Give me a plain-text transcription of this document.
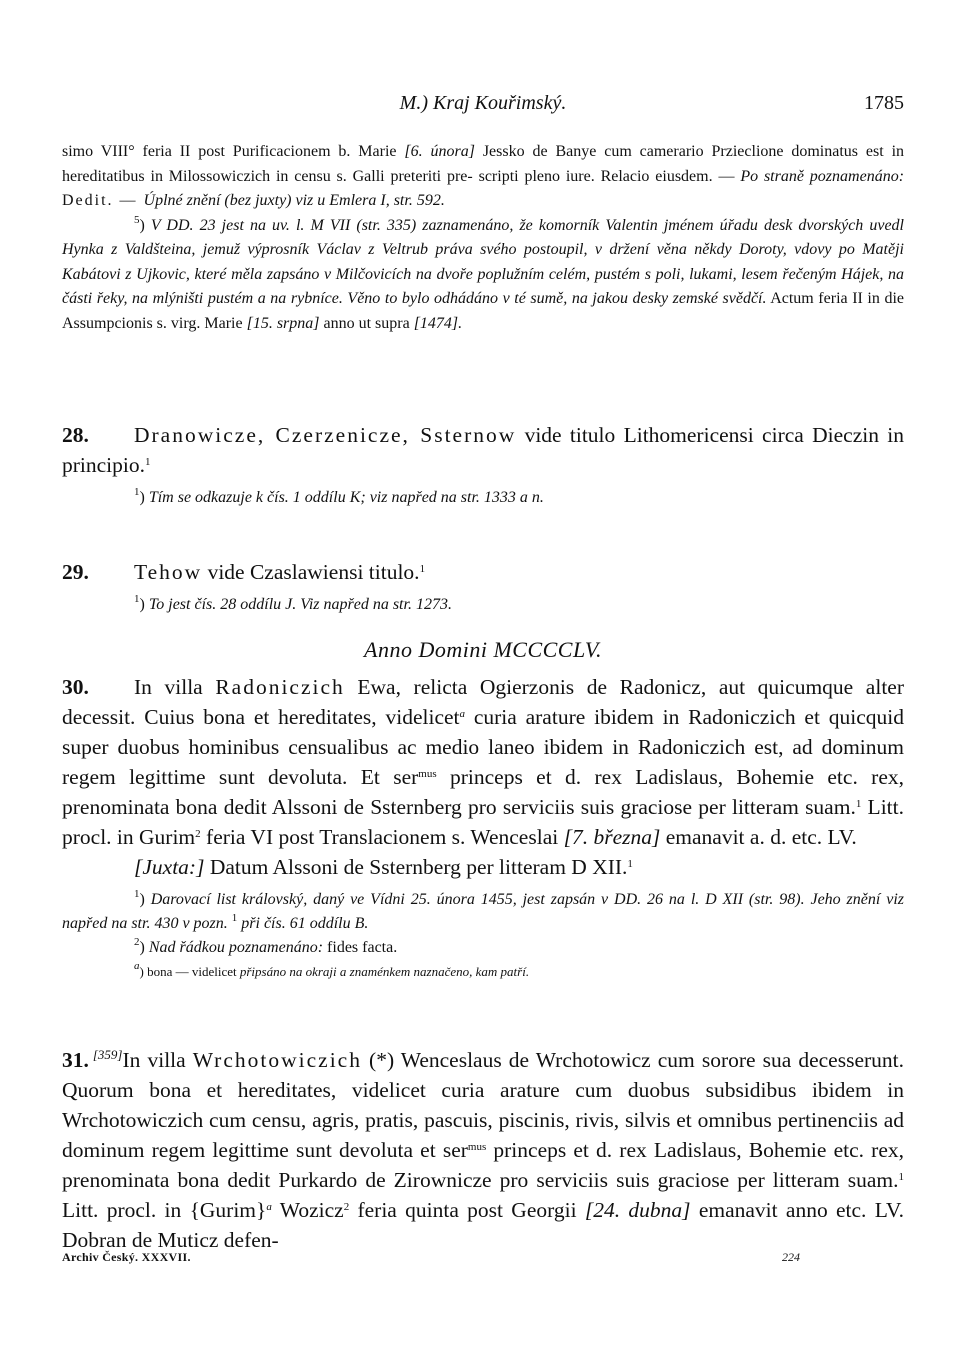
M.) Kraj Kouřimský.	1785
simo VIII° feria II post Purificacionem b. Marie [6. února] Jessko de Banye cum camerario Przieclione dominatus est in hereditatibus in Milossowiczich in censu s. Galli preteriti pre- scripti pleno iure. Relacio eiusdem. — Po straně poznamenáno: Dedit. — Úplné znění (bez juxty) viz u Emlera I, str. 592.
$^5$) V DD. 23 jest na uv. l. M VII (str. 335) zaznamenáno, že komorník Valentin jménem úřadu desk dvorských uvedl Hynka z Valdšteina, jemuž výprosník Václav z Veltrub práva svého postoupil, v držení věna někdy Doroty, vdovy po Matěji Kabátovi z Ujkovic, které měla zapsáno v Milčovicích na dvoře poplužním celém, pustém s poli, lukami, lesem řečeným Hájek, na části řeky, na mlýništi pustém a na rybníce. Věno to bylo odhádáno v té sumě, na jakou desky zemské svědčí. Actum feria II in die Assumpcionis s. virg. Marie [15. srpna] anno ut supra [1474].

28. Dranowicze, Czerzenicze, Ssternow vide titulo Lithomericensi circa Dieczin in principio.$^1$

$^1$) Tím se odkazuje k čís. 1 oddílu K; viz napřed na str. 1333 a n.

29. Tehow vide Czaslawiensi titulo.$^1$

$^1$) To jest čís. 28 oddílu J. Viz napřed na str. 1273.

Anno Domini MCCCCLV.

30. In villa Radoniczich Ewa, relicta Ogierzonis de Radonicz, aut quicumque alter decessit. Cuius bona et hereditates, videlicet$^a$ curia arature ibidem in Radoniczich et quicquid super duobus hominibus censualibus ac medio laneo ibidem in Radoniczich est, ad dominum regem legittime sunt devoluta. Et ser$^{mus}$ princeps et d. rex Ladislaus, Bohemie etc. rex, prenominata bona dedit Alssoni de Ssternberg pro serviciis suis graciose per litteram suam.$^1$ Litt. procl. in Gurim$^2$ feria VI post Translacionem s. Wenceslai [7. března] emanavit a. d. etc. LV.

[Juxta:] Datum Alssoni de Ssternberg per litteram D XII.$^1$

$^1$) Darovací list královský, daný ve Vídni 25. února 1455, jest zapsán v DD. 26 na l. D XII (str. 98). Jeho znění viz napřed na str. 430 v pozn. $^1$ při čís. 61 oddílu B.

$^2$) Nad řádkou poznamenáno: fides facta.

$^a$) bona — videlicet připsáno na okraji a znaménkem naznačeno, kam patří.

31. [359]In villa Wrchotowiczich (*) Wenceslaus de Wrchotowicz cum sorore sua decesserunt. Quorum bona et hereditates, videlicet curia arature cum duobus subsidibus ibidem in Wrchotowiczich cum censu, agris, pratis, pascuis, piscinis, rivis, silvis et omnibus pertinenciis ad dominum regem legittime sunt devoluta et ser$^{mus}$ princeps et d. rex Ladislaus, Bohemie etc. rex, prenominata bona dedit Purkardo de Zirownicze pro serviciis suis graciose per litteram suam.$^1$ Litt. procl. in {Gurim}$^a$ Wozicz$^2$ feria quinta post Georgii [24. dubna] emanavit anno etc. LV. Dobran de Muticz defen-

Archiv Český. XXXVII.	224
